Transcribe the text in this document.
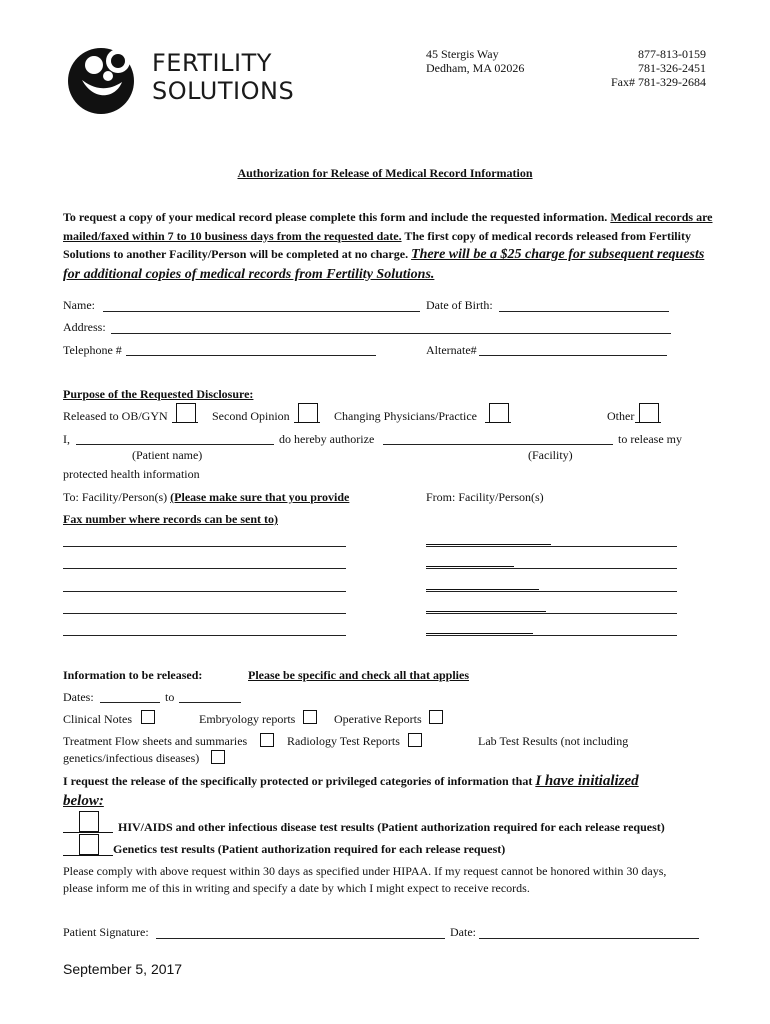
FERTILITY
SOLUTIONS
45 Stergis Way
Dedham, MA 02026
877-813-0159
781-326-2451
Fax# 781-329-2684
Authorization for Release of Medical Record Information
To request a copy of your medical record please complete this form and include the requested information. Medical records are mailed/faxed within 7 to 10 business days from the requested date. The first copy of medical records released from Fertility Solutions to another Facility/Person will be completed at no charge. There will be a $25 charge for subsequent requests for additional copies of medical records from Fertility Solutions.
Name:	Date of Birth:
Address:
Telephone #	Alternate#
Purpose of the Requested Disclosure:
Released to OB/GYN	Second Opinion	Changing Physicians/Practice	Other
I,	do hereby authorize	to release my
(Patient name)	(Facility)
protected health information
To: Facility/Person(s) (Please make sure that you provide	From: Facility/Person(s)
Fax number where records can be sent to)
Information to be released:	Please be specific and check all that applies
Dates:	to
Clinical Notes	Embryology reports	Operative Reports
Treatment Flow sheets and summaries	Radiology Test Reports	Lab Test Results (not including
genetics/infectious diseases)
I request the release of the specifically protected or privileged categories of information that I have initialized
below:
HIV/AIDS and other infectious disease test results (Patient authorization required for each release request)
Genetics test results (Patient authorization required for each release request)
Please comply with above request within 30 days as specified under HIPAA. If my request cannot be honored within 30 days,
please inform me of this in writing and specify a date by which I might expect to receive records.
Patient Signature:	Date:
September 5, 2017
